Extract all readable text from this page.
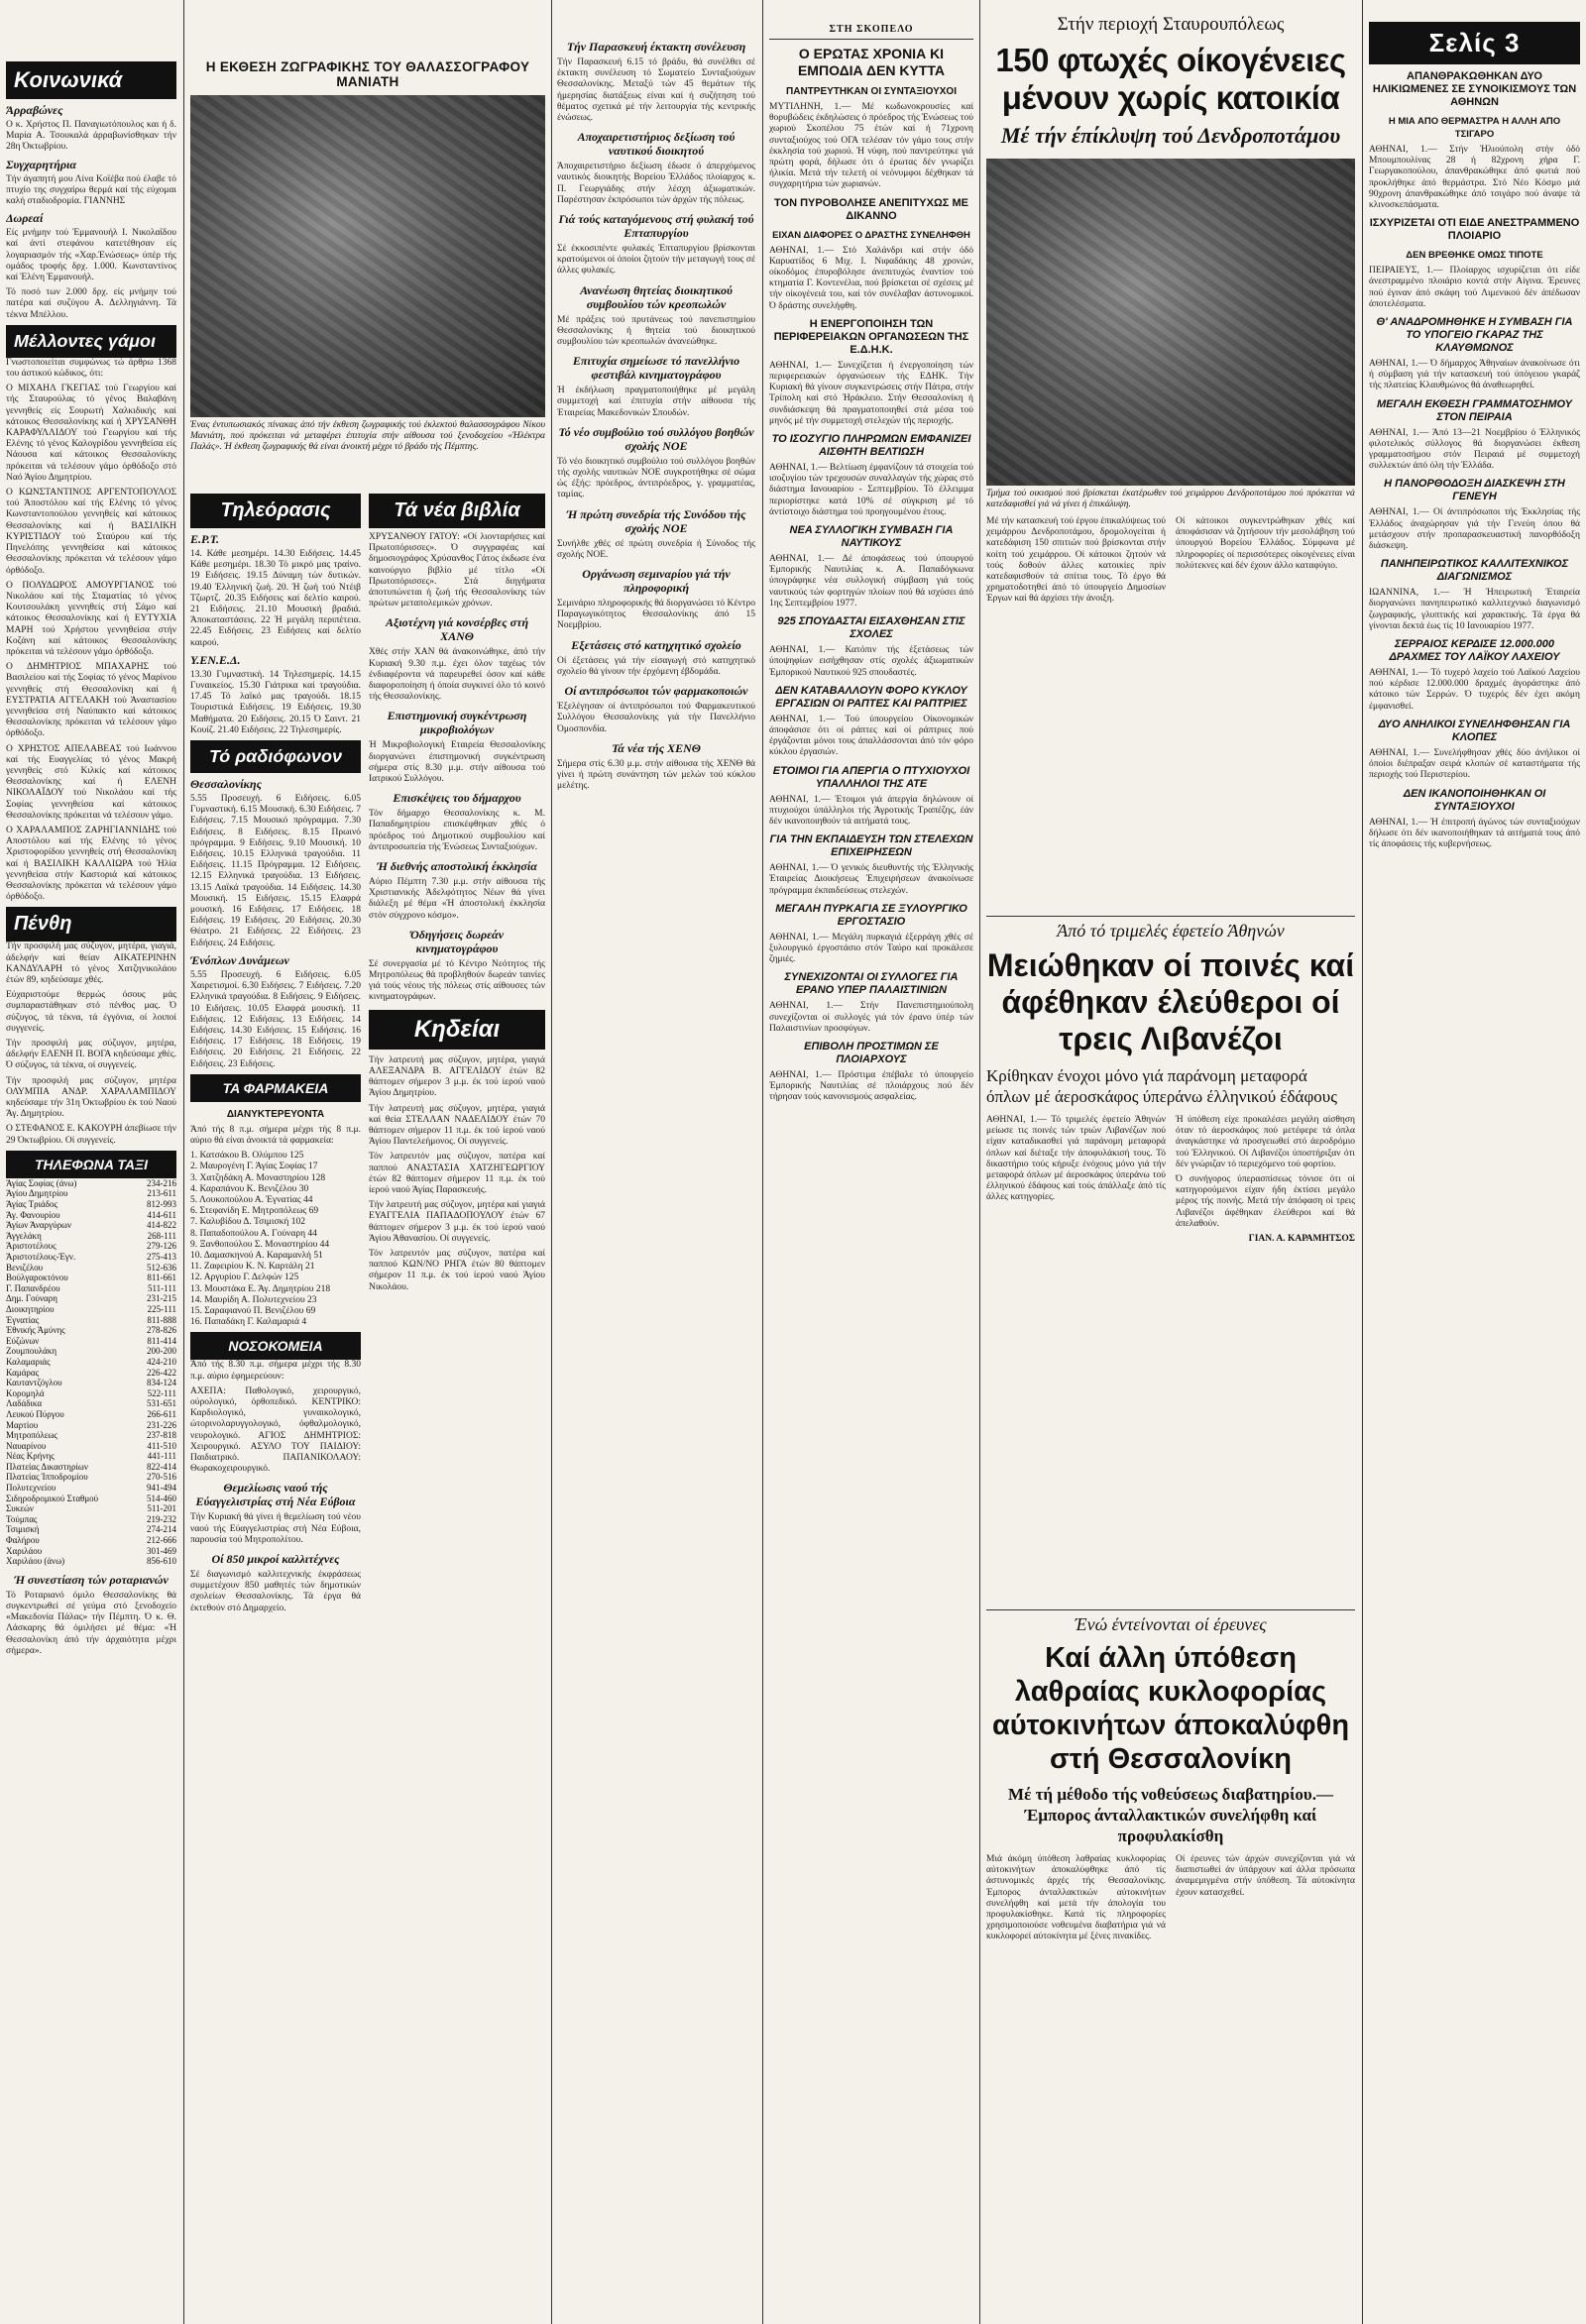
Κοινωνικά
Άρραβώνες

Ο κ. Χρήστος Π. Παναγιωτόπουλος και ή δ. Μαρία Α. Τσουκαλά άρραβωνίσθηκαν τήν 28η Όκτωβρίου.

Συγχαρητήρια

Τήν άγαπητή μου Λίνα Κοϊέβα πού έλαβε τό πτυχίο της συγχαίρω θερμά καί τής εύχομαι καλή σταδιοδρομία. ΓΙΑΝΝΗΣ

Δωρεαί

Είς μνήμην τού Έμμανουήλ Ι. Νικολαΐδου καί άντί στεφάνου κατετέθησαν είς λογαριασμόν τής «Χαρ.Ένώσεως» ύπέρ τής ομάδος τροφής δρχ. 1.000. Κωνσταντίνος καί Έλένη Έμμανουήλ.

Τό ποσό των 2.000 δρχ. είς μνήμην τού πατέρα καί συζύγου Α. Δελληγιάννη. Τά τέκνα Μπέλλου.

Μέλλοντες γάμοι

Γνωστοποιείται συμφώνως τώ άρθρω 1368 του άστικού κώδικος, ότι:

Ο ΜΙΧΑΗΛ ΓΚΕΓΙΑΣ τού Γεωργίου καί τής Σταυρούλας τό γένος Βαλαβάνη γεννηθείς είς Σουρωτή Χαλκιδικής καί κάτοικος Θεσσαλονίκης καί ή ΧΡΥΣΑΝΘΗ ΚΑΡΑΦΥΛΛΙΔΟΥ τού Γεωργίου καί τής Ελένης τό γένος Καλογρίδου γεννηθείσα είς Νάουσα καί κάτοικος Θεσσαλονίκης πρόκειται νά τελέσουν γάμο όρθόδοξο στό Ναό Άγίου Δημητρίου.

Ο ΚΩΝΣΤΑΝΤΙΝΟΣ ΑΡΓΕΝΤΟΠΟΥΛΟΣ τού Άποστόλου καί τής Ελένης τό γένος Κωνσταντοπούλου γεννηθείς καί κάτοικος Θεσσαλονίκης καί ή ΒΑΣΙΛΙΚΗ ΚΥΡΙΣΤΙΔΟΥ τού Σταύρου καί τής Πηνελόπης γεννηθείσα καί κάτοικος Θεσσαλονίκης πρόκειται νά τελέσουν γάμο όρθόδοξο.

Ο ΠΟΛΥΔΩΡΟΣ ΑΜΟΥΡΓΙΑΝΟΣ τού Νικολάου καί τής Σταματίας τό γένος Κουτσουλάκη γεννηθείς στή Σάμο καί κάτοικος Θεσσαλονίκης καί ή ΕΥΤΥΧΙΑ ΜΑΡΗ τού Χρήστου γεννηθείσα στήν Κοζάνη καί κάτοικος Θεσσαλονίκης πρόκειται νά τελέσουν γάμο όρθόδοξο.

Ο ΔΗΜΗΤΡΙΟΣ ΜΠΑΧΑΡΗΣ τού Βασιλείου καί τής Σοφίας τό γένος Μαρίνου γεννηθείς στή Θεσσαλονίκη καί ή ΕΥΣΤΡΑΤΙΑ ΑΓΓΕΛΑΚΗ τού Άναστασίου γεννηθείσα στή Ναύπακτο καί κάτοικος Θεσσαλονίκης πρόκειται νά τελέσουν γάμο όρθόδοξο.

Ο ΧΡΗΣΤΟΣ ΑΠΕΛΑΒΕΑΣ τού Ιωάννου καί τής Ευαγγελίας τό γένος Μακρή γεννηθείς στό Κιλκίς καί κάτοικος Θεσσαλονίκης καί ή ΕΛΕΝΗ ΝΙΚΟΛΑΪΔΟΥ τού Νικολάου καί τής Σοφίας γεννηθείσα καί κάτοικος Θεσσαλονίκης πρόκειται νά τελέσουν γάμο.

Ο ΧΑΡΑΛΑΜΠΟΣ ΖΑΡΗΓΙΑΝΝΙΔΗΣ τού Αποστόλου καί τής Ελένης τό γένος Χριστοφορίδου γεννηθείς στή Θεσσαλονίκη καί ή ΒΑΣΙΛΙΚΗ ΚΑΛΛΙΩΡΑ τού Ήλία γεννηθείσα στήν Καστοριά καί κάτοικος Θεσσαλονίκης πρόκειται νά τελέσουν γάμο όρθόδοξο.

Πένθη

Τήν προσφιλή μας σύζυγον, μητέρα, γιαγιά, άδελφήν καί θείαν ΑΙΚΑΤΕΡΙΝΗΝ ΚΑΝΔΥΛΑΡΗ τό γένος Χατζηνικολάου έτών 89, κηδεύσαμε χθές.

Εύχαριστούμε θερμώς όσους μάς συμπαραστάθηκαν στό πένθος μας. Ό σύζυγος, τά τέκνα, τά έγγόνια, οί λοιποί συγγενείς.

Τήν προσφιλή μας σύζυγον, μητέρα, άδελφήν ΕΛΕΝΗ Π. ΒΟΓΑ κηδεύσαμε χθές. Ό σύζυγος, τά τέκνα, οί συγγενείς.

Τήν προσφιλή μας σύζυγον, μητέρα ΟΛΥΜΠΙΑ ΑΝΔΡ. ΧΑΡΑΛΑΜΠΙΔΟΥ κηδεύσαμε τήν 31η Όκτωβρίου έκ τού Ναού Άγ. Δημητρίου.

Ο ΣΤΕΦΑΝΟΣ Ε. ΚΑΚΟΥΡΗ άπεβίωσε τήν 29 Όκτωβρίου. Οί συγγενείς.

ΤΗΛΕΦΩΝΑ ΤΑΞΙ
Άγίας Σοφίας (άνω)	234-216
Άγίου Δημητρίου	213-611
Άγίας Τριάδος	812-993
Άγ. Φανουρίου	414-611
Άγίων Άναργύρων	414-822
Άγγελάκη	268-111
Άριστοτέλους	279-126
Άριστοτέλους-Έγν.	275-413
Βενιζέλου	512-636
Βούλγαροκτόνου	811-661
Γ. Παπανδρέου	511-111
Δημ. Γούναρη	231-215
Διοικητηρίου	225-111
Έγνατίας	811-888
Έθνικής Άμύνης	278-826
Εύζώνων	811-414
Ζουμπουλάκη	200-200
Καλαμαριάς	424-210
Καμάρας	226-422
Καυταντζόγλου	834-124
Κορομηλά	522-111
Λαδάδικα	531-651
Λευκού Πύργου	266-611
Μαρτίου	231-226
Μητροπόλεως	237-818
Ναυαρίνου	411-510
Νέας Κρήνης	441-111
Πλατείας Δικαστηρίων	822-414
Πλατείας Ίπποδρομίου	270-516
Πολυτεχνείου	941-494
Σιδηροδρομικού Σταθμού	514-460
Συκεών	511-201
Τούμπας	219-232
Τσιμισκή	274-214
Φαλήρου	212-666
Χαριλάου	301-469
Χαριλάου (άνω)	856-610
Ή συνεστίαση τών ροταριανών

Τό Ροταριανό όμιλο Θεσσαλονίκης θά συγκεντρωθεί σέ γεύμα στό ξενοδοχείο «Μακεδονία Πάλας» τήν Πέμπτη. Ό κ. Θ. Λάσκαρης θά όμιλήσει μέ θέμα: «Ή Θεσσαλονίκη άπό τήν άρχαιότητα μέχρι σήμερα».

Η ΕΚΘΕΣΗ ΖΩΓΡΑΦΙΚΗΣ ΤΟΥ ΘΑΛΑΣΣΟΓΡΑΦΟΥ ΜΑΝΙΑΤΗ
Ένας έντυπωσιακός πίνακας άπό τήν έκθεση ζωγραφικής τού έκλεκτού θαλασσογράφου Νίκου Μανιάτη, πού πρόκειται νά μεταφέρει έπιτυχία στήν αίθουσα τού ξενοδοχείου «Ήλέκτρα Παλάς». Ή έκθεση ζωγραφικής θά είναι άνοικτή μέχρι τό βράδυ τής Πέμπτης.
Τηλεόρασις
Ε.Ρ.Τ.

14. Κάθε μεσημέρι. 14.30 Ειδήσεις. 14.45 Κάθε μεσημέρι. 18.30 Τό μικρό μας τραίνο. 19 Ειδήσεις. 19.15 Δύναμη τών δυτικών. 19.40 Έλληνική ζωή. 20. Ή ζωή τού Ντέιβ Τζωρτζ. 20.35 Ειδήσεις καί δελτίο καιρού. 21 Ειδήσεις. 21.10 Μουσική βραδιά. Άποκαταστάσεις. 22 Ή μεγάλη περιπέτεια. 22.45 Ειδήσεις. 23 Ειδήσεις καί δελτίο καιρού.

Υ.ΕΝ.Ε.Δ.

13.30 Γυμναστική. 14 Τηλεσημερίς. 14.15 Γυναικείος. 15.30 Γιάτρικα καί τραγούδια. 17.45 Τό λαϊκό μας τραγούδι. 18.15 Τουριστικά Ειδήσεις. 19 Ειδήσεις. 19.30 Μαθήματα. 20 Ειδήσεις. 20.15 Ό Σαιντ. 21 Κουίζ. 21.40 Ειδήσεις. 22 Τηλεσημερίς.

Τό ραδιόφωνον
Θεσσαλονίκης

5.55 Προσευχή. 6 Ειδήσεις. 6.05 Γυμναστική. 6.15 Μουσική. 6.30 Ειδήσεις. 7 Ειδήσεις. 7.15 Μουσικό πρόγραμμα. 7.30 Ειδήσεις. 8 Ειδήσεις. 8.15 Πρωινό πρόγραμμα. 9 Ειδήσεις. 9.10 Μουσική. 10 Ειδήσεις. 10.15 Ελληνικά τραγούδια. 11 Ειδήσεις. 11.15 Πρόγραμμα. 12 Ειδήσεις. 12.15 Ελληνικά τραγούδια. 13 Ειδήσεις. 13.15 Λαϊκά τραγούδια. 14 Ειδήσεις. 14.30 Μουσική. 15 Ειδήσεις. 15.15 Ελαφρά μουσική. 16 Ειδήσεις. 17 Ειδήσεις. 18 Ειδήσεις. 19 Ειδήσεις. 20 Ειδήσεις. 20.30 Θέατρο. 21 Ειδήσεις. 22 Ειδήσεις. 23 Ειδήσεις. 24 Ειδήσεις.

Ένόπλων Δυνάμεων

5.55 Προσευχή. 6 Ειδήσεις. 6.05 Χαιρετισμοί. 6.30 Ειδήσεις. 7 Ειδήσεις. 7.20 Ελληνικά τραγούδια. 8 Ειδήσεις. 9 Ειδήσεις. 10 Ειδήσεις. 10.05 Ελαφρά μουσική. 11 Ειδήσεις. 12 Ειδήσεις. 13 Ειδήσεις. 14 Ειδήσεις. 14.30 Ειδήσεις. 15 Ειδήσεις. 16 Ειδήσεις. 17 Ειδήσεις. 18 Ειδήσεις. 19 Ειδήσεις. 20 Ειδήσεις. 21 Ειδήσεις. 22 Ειδήσεις. 23 Ειδήσεις.

ΤΑ ΦΑΡΜΑΚΕΙΑ
ΔΙΑΝΥΚΤΕΡΕΥΟΝΤΑ

Άπό τής 8 π.μ. σήμερα μέχρι τής 8 π.μ. αύριο θά είναι άνοικτά τά φαρμακεία:

1. Κατσάκου Β. Ολύμπου 125
2. Μαυρογένη Γ. Άγίας Σοφίας 17
3. Χατζηδάκη Α. Μοναστηρίου 128
4. Καραπάνου Κ. Βενιζέλου 30
5. Λουκοπούλου Α. Έγνατίας 44
6. Στεφανίδη Ε. Μητροπόλεως 69
7. Καλυβίδου Δ. Τσιμισκή 102
8. Παπαδοπούλου Α. Γούναρη 44
9. Ξανθοπούλου Σ. Μοναστηρίου 44
10. Δαμασκηνού Α. Καραμανλή 51
11. Ζαφειρίου Κ. Ν. Καρτάλη 21
12. Αργυρίου Γ. Δελφών 125
13. Μουστάκα Ε. Άγ. Δημητρίου 218
14. Μαυρίδη Α. Πολυτεχνείου 23
15. Σαραφιανού Π. Βενιζέλου 69
16. Παπαδάκη Γ. Καλαμαριά 4
ΝΟΣΟΚΟΜΕΙΑ

Άπό τής 8.30 π.μ. σήμερα μέχρι τής 8.30 π.μ. αύριο έφημερεύουν:

ΑΧΕΠΑ: Παθολογικό, χειρουργικό, ούρολογικό, όρθοπεδικό. ΚΕΝΤΡΙΚΟ: Καρδιολογικό, γυναικολογικό, ώτορινολαρυγγολογικό, όφθαλμολογικό, νευρολογικό. ΑΓΙΟΣ ΔΗΜΗΤΡΙΟΣ: Χειρουργικό. ΑΣΥΛΟ ΤΟΥ ΠΑΙΔΙΟΥ: Παιδιατρικό. ΠΑΠΑΝΙΚΟΛΑΟΥ: Θωρακοχειρουργικό.

Θεμελίωσις ναού τής Εύαγγελιστρίας στή Νέα Εύβοια

Τήν Κυριακή θά γίνει ή θεμελίωση τού νέου ναού τής Εύαγγελιστρίας στή Νέα Εύβοια, παρουσία τού Μητροπολίτου.

Οί 850 μικροί καλλιτέχνες

Σέ διαγωνισμό καλλιτεχνικής έκφράσεως συμμετέχουν 850 μαθητές τών δημοτικών σχολείων Θεσσαλονίκης. Τά έργα θά έκτεθούν στό Δημαρχείο.

Τά νέα βιβλία

ΧΡΥΣΑΝΘΟΥ ΓΑΤΟΥ: «Οί λιονταρήσιες καί Πρωτοπόρισσες». Ό συγγραφέας καί δημοσιογράφος Χρύσανθος Γάτος έκδωσε ένα καινούργιο βιβλίο μέ τίτλο «Οί Πρωτοπόρισσες». Στά διηγήματα άποτυπώνεται ή ζωή τής Θεσσαλονίκης τών πρώτων μεταπολεμικών χρόνων.

Αξιοτέχνη γιά κονσέρβες στή ΧΑΝΘ

Χθές στήν XAN θά άνακοινώθηκε, άπό τήν Κυριακή 9.30 π.μ. έχει όλον ταχέως τόν ένδιαφέροντα νά παρευρεθεί όσον καί κάθε διαφοροποίηση ή όποία συγκινεί όλο τό κοινό τής Θεσσαλονίκης.

Επιστημονική συγκέντρωση μικροβιολόγων

Ή Μικροβιολογική Εταιρεία Θεσσαλονίκης διοργανώνει έπιστημονική συγκέντρωση σήμερα στίς 8.30 μ.μ. στήν αίθουσα τού Ιατρικού Συλλόγου.

Επισκέψεις του δήμαρχου

Τόν δήμαρχο Θεσσαλονίκης κ. Μ. Παπαδημητρίου επισκέφθηκαν χθές ό πρόεδρος τού Δημοτικού συμβουλίου καί άντιπροσωπεία τής Ένώσεως Συνταξιούχων.

Ή διεθνής αποστολική έκκλησία

Αύριο Πέμπτη 7.30 μ.μ. στήν αίθουσα τής Χριστιανικής Άδελφότητος Νέων θά γίνει διάλεξη μέ θέμα «Ή άποστολική έκκλησία στόν σύγχρονο κόσμο».

Όδηγήσεις δωρεάν κινηματογράφου

Σέ συνεργασία μέ τό Κέντρο Νεότητος τής Μητροπόλεως θά προβληθούν δωρεάν ταινίες γιά τούς νέους τής πόλεως στίς αίθουσες τών κινηματογράφων.

Κηδείαι

Τήν λατρευτή μας σύζυγον, μητέρα, γιαγιά ΑΛΕΞΑΝΔΡΑ Β. ΑΓΓΕΛΙΔΟΥ έτών 82 θάπτομεν σήμερον 3 μ.μ. έκ τού ίερού ναού Άγίου Δημητρίου.

Τήν λατρευτή μας σύζυγον, μητέρα, γιαγιά καί θεία ΣΤΕΛΛΑΝ ΝΑΔΕΛΙΔΟΥ έτών 70 θάπτομεν σήμερον 11 π.μ. έκ τού ίερού ναού Άγίου Παντελεήμονος. Οί συγγενείς.

Τόν λατρευτόν μας σύζυγον, πατέρα καί παππού ΑΝΑΣΤΑΣΙΑ ΧΑΤΖΗΓΕΩΡΓΙΟΥ έτών 82 θάπτομεν σήμερον 11 π.μ. έκ τού ίερού ναού Άγίας Παρασκευής.

Τήν λατρευτή μας σύζυγον, μητέρα καί γιαγιά ΕΥΑΓΓΕΛΙΑ ΠΑΠΑΔΟΠΟΥΛΟΥ έτών 67 θάπτομεν σήμερον 3 μ.μ. έκ τού ίερού ναού Άγίου Άθανασίου. Οί συγγενείς.

Τόν λατρευτόν μας σύζυγον, πατέρα καί παππού ΚΩΝ/ΝΟ ΡΗΓΑ έτών 80 θάπτομεν σήμερον 11 π.μ. έκ τού ίερού ναού Άγίου Νικολάου.

Τήν Παρασκευή έκτακτη συνέλευση

Τήν Παρασκευή 6.15 τό βράδυ, θά συνέλθει σέ έκτακτη συνέλευση τό Σωματείο Συνταξιούχων Θεσσαλονίκης. Μεταξύ τών 45 θεμάτων τής ήμερησίας διατάξεως είναι καί ή συζήτηση τού θέματος σχετικά μέ τήν λειτουργία τής κεντρικής ένώσεως.

Αποχαιρετιστήριος δεξίωση τού ναυτικού διοικητού

Άποχαιρετιστήριο δεξίωση έδωσε ό άπερχόμενος ναυτικός διοικητής Βορείου Έλλάδος πλοίαρχος κ. Π. Γεωργιάδης στήν λέσχη άξιωματικών. Παρέστησαν έκπρόσωποι τών άρχών τής πόλεως.

Γιά τούς καταγόμενους στή φυλακή τού Επταπυργίου

Σέ έκκοσιπέντε φυλακές Έπταπυργίου βρίσκονται κρατούμενοι οί όποίοι ζητούν τήν μεταγωγή τους σέ άλλες φυλακές.

Ανανέωση θητείας διοικητικού συμβουλίου τών κρεοπωλών

Μέ πράξεις τού πρυτάνεως τού πανεπιστημίου Θεσσαλονίκης ή θητεία τού διοικητικού συμβουλίου τών κρεοπωλών άνανεώθηκε.

Επιτυχία σημείωσε τό πανελλήνιο φεστιβάλ κινηματογράφου

Ή έκδήλωση πραγματοποιήθηκε μέ μεγάλη συμμετοχή καί έπιτυχία στήν αίθουσα τής Έταιρείας Μακεδονικών Σπουδών.

Τό νέο συμβούλιο τού συλλόγου βοηθών σχολής ΝΟΕ

Τό νέο διοικητικό συμβούλιο τού συλλόγου βοηθών τής σχολής ναυτικών ΝΟΕ συγκροτήθηκε σέ σώμα ώς έξής: πρόεδρος, άντιπρόεδρος, γ. γραμματέας, ταμίας.

Ή πρώτη συνεδρία τής Συνόδου τής σχολής ΝΟΕ

Συνήλθε χθές σέ πρώτη συνεδρία ή Σύνοδος τής σχολής ΝΟΕ.

Οργάνωση σεμιναρίου γιά τήν πληροφορική

Σεμινάριο πληροφορικής θά διοργανώσει τό Κέντρο Παραγωγικότητος Θεσσαλονίκης άπό 15 Νοεμβρίου.

Εξετάσεις στό κατηχητικό σχολείο

Οί έξετάσεις γιά τήν είσαγωγή στό κατηχητικό σχολείο θά γίνουν τήν έρχόμενη έβδομάδα.

Οί αντιπρόσωποι τών φαρμακοποιών

Έξελέγησαν οί άντιπρόσωποι τού Φαρμακευτικού Συλλόγου Θεσσαλονίκης γιά τήν Πανελλήνιο Όμοσπονδία.

Τά νέα τής ΧΕΝΘ

Σήμερα στίς 6.30 μ.μ. στήν αίθουσα τής ΧΕΝΘ θά γίνει ή πρώτη συνάντηση τών μελών τού κύκλου μελέτης.

ΣΤΗ ΣΚΟΠΕΛΟ
Ο ΕΡΩΤΑΣ ΧΡΟΝΙΑ ΚΙ ΕΜΠΟΔΙΑ ΔΕΝ ΚΥΤΤΑ
ΠΑΝΤΡΕΥΤΗΚΑΝ ΟΙ ΣΥΝΤΑΞΙΟΥΧΟΙ

ΜΥΤΙΛΗΝΗ, 1.— Μέ κωδωνοκρουσίες καί θορυβώδεις έκδηλώσεις ό πρόεδρος τής Ένώσεως τού χωριού Σκοπέλου 75 έτών καί ή 71χρονη συνταξιούχος τού ΟΓΑ τελέσαν τόν γάμο τους στήν έκκλησία τού χωριού. Ή νύφη, πού παντρεύτηκε γιά πρώτη φορά, δήλωσε ότι ό έρωτας δέν γνωρίζει ήλικία. Μετά τήν τελετή οί νεόνυμφοι δέχθηκαν τά συγχαρητήρια τών χωριανών.

ΤΟΝ ΠΥΡΟΒΟΛΗΣΕ ΑΝΕΠΙΤΥΧΩΣ ΜΕ ΔΙΚΑΝΝΟ
ΕΙΧΑΝ ΔΙΑΦΟΡΕΣ Ο ΔΡΑΣΤΗΣ ΣΥΝΕΛΗΦΘΗ

ΑΘΗΝΑΙ, 1.— Στό Χαλάνδρι καί στήν όδό Καρυατίδος 6 Μιχ. Ι. Νιφαδάκης 48 χρονών, οίκοδόμος έπυροβόλησε άνεπιτυχώς έναντίον τού κτηματία Γ. Κοντενέλια, πού βρίσκεται σέ σχέσεις μέ τήν οίκογένειά του, καί τόν συνέλαβαν άστυνομικοί. Ό δράστης συνελήφθη.

Η ΕΝΕΡΓΟΠΟΙΗΣΗ ΤΩΝ ΠΕΡΙΦΕΡΕΙΑΚΩΝ ΟΡΓΑΝΩΣΕΩΝ ΤΗΣ Ε.Δ.Η.Κ.

ΑΘΗΝΑΙ, 1.— Συνεχίζεται ή ένεργοποίηση τών περιφερειακών όργανώσεων τής ΕΔΗΚ. Τήν Κυριακή θά γίνουν συγκεντρώσεις στήν Πάτρα, στήν Τρίπολη καί στό Ήράκλειο. Στήν Θεσσαλονίκη ή συνδιάσκεψη θά πραγματοποιηθεί στά μέσα τού μηνός μέ τήν συμμετοχή στελεχών τής περιοχής.

ΤΟ ΙΣΟΖΥΓΙΟ ΠΛΗΡΩΜΩΝ ΕΜΦΑΝΙΖΕΙ ΑΙΣΘΗΤΗ ΒΕΛΤΙΩΣΗ

ΑΘΗΝΑΙ, 1.— Βελτίωση έμφανίζουν τά στοιχεία τού ισοζυγίου τών τρεχουσών συναλλαγών τής χώρας στό διάστημα Ιανουαρίου - Σεπτεμβρίου. Τό έλλειμμα περιορίστηκε κατά 10% σέ σύγκριση μέ τό άντίστοιχο διάστημα τού προηγουμένου έτους.

ΝΕΑ ΣΥΛΛΟΓΙΚΗ ΣΥΜΒΑΣΗ ΓΙΑ ΝΑΥΤΙΚΟΥΣ

ΑΘΗΝΑΙ, 1.— Δέ άποφάσεως τού ύπουργού Έμπορικής Ναυτιλίας κ. Α. Παπαδόγκωνα ύπογράφηκε νέα συλλογική σύμβαση γιά τούς ναυτικούς τών φορτηγών πλοίων πού θά ισχύσει άπό 1ης Σεπτεμβρίου 1977.

925 ΣΠΟΥΔΑΣΤΑΙ ΕΙΣΑΧΘΗΣΑΝ ΣΤΙΣ ΣΧΟΛΕΣ

ΑΘΗΝΑΙ, 1.— Κατόπιν τής έξετάσεως τών ύποψηφίων εισήχθησαν στίς σχολές άξιωματικών Έμπορικού Ναυτικού 925 σπουδαστές.

ΔΕΝ ΚΑΤΑΒΑΛΛΟΥΝ ΦΟΡΟ ΚΥΚΛΟΥ ΕΡΓΑΣΙΩΝ ΟΙ ΡΑΠΤΕΣ ΚΑΙ ΡΑΠΤΡΙΕΣ

ΑΘΗΝΑΙ, 1.— Τού ύπουργείου Οίκονομικών άποφάσισε ότι οί ράπτες καί οί ράπτριες πού έργάζονται μόνοι τους άπαλλάσσονται άπό τόν φόρο κύκλου έργασιών.

ΕΤΟΙΜΟΙ ΓΙΑ ΑΠΕΡΓΙΑ Ο ΠΤΥΧΙΟΥΧΟΙ ΥΠΑΛΛΗΛΟΙ ΤΗΣ ΑΤΕ

ΑΘΗΝΑΙ, 1.— Έτοιμοι γιά άπεργία δηλώνουν οί πτυχιούχοι ύπάλληλοι τής Άγροτικής Τραπέζης, έάν δέν ικανοποιηθούν τά αιτήματά τους.

ΓΙΑ ΤΗΝ ΕΚΠΑΙΔΕΥΣΗ ΤΩΝ ΣΤΕΛΕΧΩΝ ΕΠΙΧΕΙΡΗΣΕΩΝ

ΑΘΗΝΑΙ, 1.— Ό γενικός διευθυντής τής Έλληνικής Έταιρείας Διοικήσεως Έπιχειρήσεων άνακοίνωσε πρόγραμμα έκπαιδεύσεως στελεχών.

ΜΕΓΑΛΗ ΠΥΡΚΑΓΙΑ ΣΕ ΞΥΛΟΥΡΓΙΚΟ ΕΡΓΟΣΤΑΣΙΟ

ΑΘΗΝΑΙ, 1.— Μεγάλη πυρκαγιά έξερράγη χθές σέ ξυλουργικό έργοστάσιο στόν Ταύρο καί προκάλεσε ζημιές.

ΣΥΝΕΧΙΖΟΝΤΑΙ ΟΙ ΣΥΛΛΟΓΕΣ ΓΙΑ ΕΡΑΝΟ ΥΠΕΡ ΠΑΛΑΙΣΤΙΝΙΩΝ

ΑΘΗΝΑΙ, 1.— Στήν Πανεπιστημιούπολη συνεχίζονται οί συλλογές γιά τόν έρανο ύπέρ τών Παλαιστινίων προσφύγων.

ΕΠΙΒΟΛΗ ΠΡΟΣΤΙΜΩΝ ΣΕ ΠΛΟΙΑΡΧΟΥΣ

ΑΘΗΝΑΙ, 1.— Πρόστιμα έπέβαλε τό ύπουργείο Έμπορικής Ναυτιλίας σέ πλοιάρχους πού δέν τήρησαν τούς κανονισμούς ασφαλείας.

Στήν περιοχή Σταυρουπόλεως
150 φτωχές οίκογένειες μένουν χωρίς κατοικία
Μέ τήν έπίκλυψη τού Δενδροποτάμου
Τμήμα τού οικισμού πού βρίσκεται έκατέρωθεν τού χειμάρρου Δενδροποτάμου πού πρόκειται νά κατεδαφισθεί γιά νά γίνει ή έπικάλυψη.

Μέ τήν κατασκευή τού έργου έπικαλύψεως τού χειμάρρου Δενδροποτάμου, δρομολογείται ή κατεδάφιση 150 σπιτιών πού βρίσκονται στήν κοίτη τού χειμάρρου. Οί κάτοικοι ζητούν νά τούς δοθούν άλλες κατοικίες πρίν κατεδαφισθούν τά σπίτια τους. Τό έργο θά χρηματοδοτηθεί άπό τό ύπουργείο Δημοσίων Έργων καί θά άρχίσει τήν άνοιξη.

Οί κάτοικοι συγκεντρώθηκαν χθές καί άποφάσισαν νά ζητήσουν τήν μεσολάβηση τού ύπουργού Βορείου Έλλάδος. Σύμφωνα μέ πληροφορίες οί περισσότερες οίκογένειες είναι πολύτεκνες καί δέν έχουν άλλο καταφύγιο.

Άπό τό τριμελές έφετείο Άθηνών
Μειώθηκαν οί ποινές καί άφέθηκαν έλεύθεροι οί τρεις Λιβανέζοι
Κρίθηκαν ένοχοι μόνο γιά παράνομη μεταφορά όπλων μέ άεροσκάφος ύπεράνω έλληνικού έδάφους

ΑΘΗΝΑΙ, 1.— Τό τριμελές έφετείο Άθηνών μείωσε τις ποινές τών τριών Λιβανέζων πού είχαν καταδικασθεί γιά παράνομη μεταφορά όπλων καί διέταξε τήν άποφυλάκισή τους. Τό δικαστήριο τούς κήρυξε ένόχους μόνο γιά τήν μεταφορά όπλων μέ άεροσκάφος ύπεράνω τού έλληνικού έδάφους καί τούς άπάλλαξε άπό τίς άλλες κατηγορίες.

Ή ύπόθεση είχε προκαλέσει μεγάλη αίσθηση όταν τό άεροσκάφος πού μετέφερε τά όπλα άναγκάστηκε νά προσγειωθεί στό άεροδρόμιο τού Έλληνικού. Οί Λιβανέζοι ύποστήριξαν ότι δέν γνώριζαν τό περιεχόμενο τού φορτίου.

Ό συνήγορος ύπερασπίσεως τόνισε ότι οί κατηγορούμενοι είχαν ήδη έκτίσει μεγάλο μέρος τής ποινής. Μετά τήν άπόφαση οί τρεις Λιβανέζοι άφέθηκαν έλεύθεροι καί θά άπελαθούν.

ΓΙΑΝ. Α. ΚΑΡΑΜΗΤΣΟΣ
Ένώ έντείνονται οί έρευνες
Καί άλλη ύπόθεση λαθραίας κυκλοφορίας αύτοκινήτων άποκαλύφθη στή Θεσσαλονίκη
Μέ τή μέθοδο τής νοθεύσεως διαβατηρίου.— Έμπορος άνταλλακτικών συνελήφθη καί προφυλακίσθη

Μιά άκόμη ύπόθεση λαθραίας κυκλοφορίας αύτοκινήτων άποκαλύφθηκε άπό τίς άστυνομικές άρχές τής Θεσσαλονίκης. Έμπορος άνταλλακτικών αύτοκινήτων συνελήφθη καί μετά τήν άπολογία του προφυλακίσθηκε. Κατά τίς πληροφορίες χρησιμοποιούσε νοθευμένα διαβατήρια γιά νά κυκλοφορεί αύτοκίνητα μέ ξένες πινακίδες.

Οί έρευνες τών άρχών συνεχίζονται γιά νά διαπιστωθεί άν ύπάρχουν καί άλλα πρόσωπα άναμεμιγμένα στήν ύπόθεση. Τά αύτοκίνητα έχουν κατασχεθεί.

Σελίς 3
ΑΠΑΝΘΡΑΚΩΘΗΚΑΝ ΔΥΟ ΗΛΙΚΙΩΜΕΝΕΣ ΣΕ ΣΥΝΟΙΚΙΣΜΟΥΣ ΤΩΝ ΑΘΗΝΩΝ
Η ΜΙΑ ΑΠΟ ΘΕΡΜΑΣΤΡΑ Η ΑΛΛΗ ΑΠΟ ΤΣΙΓΑΡΟ

ΑΘΗΝΑΙ, 1.— Στήν Ήλιούπολη στήν όδό Μπουμπουλίνας 28 ή 82χρονη χήρα Γ. Γεωργακοπούλου, άπανθρακώθηκε άπό φωτιά πού προκλήθηκε άπό θερμάστρα. Στό Νέο Κόσμο μιά 90χρονη άπανθρακώθηκε άπό τσιγάρο πού άναψε τά κλινοσκεπάσματα.

ΙΣΧΥΡΙΖΕΤΑΙ ΟΤΙ ΕΙΔΕ ΑΝΕΣΤΡΑΜΜΕΝΟ ΠΛΟΙΑΡΙΟ
ΔΕΝ ΒΡΕΘΗΚΕ ΟΜΩΣ ΤΙΠΟΤΕ

ΠΕΙΡΑΙΕΥΣ, 1.— Πλοίαρχος ισχυρίζεται ότι είδε άνεστραμμένο πλοιάριο κοντά στήν Αίγινα. Έρευνες πού έγιναν άπό σκάφη τού Λιμενικού δέν άπέδωσαν άποτελέσματα.

Θ' ΑΝΑΔΡΟΜΗΘΗΚΕ Η ΣΥΜΒΑΣΗ ΓΙΑ ΤΟ ΥΠΟΓΕΙΟ ΓΚΑΡΑΖ ΤΗΣ ΚΛΑΥΘΜΩΝΟΣ

ΑΘΗΝΑΙ, 1.— Ό δήμαρχος Άθηναίων άνακοίνωσε ότι ή σύμβαση γιά τήν κατασκευή τού ύπόγειου γκαράζ τής πλατείας Κλαυθμώνος θά άναθεωρηθεί.

ΜΕΓΑΛΗ ΕΚΘΕΣΗ ΓΡΑΜΜΑΤΟΣΗΜΟΥ ΣΤΟΝ ΠΕΙΡΑΙΑ

ΑΘΗΝΑΙ, 1.— Άπό 13—21 Νοεμβρίου ό Έλληνικός φιλοτελικός σύλλογος θά διοργανώσει έκθεση γραμματοσήμου στόν Πειραιά μέ συμμετοχή συλλεκτών άπό όλη τήν Έλλάδα.

Η ΠΑΝΟΡΘΟΔΟΞΗ ΔΙΑΣΚΕΨΗ ΣΤΗ ΓΕΝΕΥΗ

ΑΘΗΝΑΙ, 1.— Οί άντιπρόσωποι τής Έκκλησίας τής Έλλάδος άναχώρησαν γιά τήν Γενεύη όπου θά μετάσχουν στήν προπαρασκευαστική πανορθόδοξη διάσκεψη.

ΠΑΝΗΠΕΙΡΩΤΙΚΟΣ ΚΑΛΛΙΤΕΧΝΙΚΟΣ ΔΙΑΓΩΝΙΣΜΟΣ

ΙΩΑΝΝΙΝΑ, 1.— Ή Ήπειρωτική Έταιρεία διοργανώνει πανηπειρωτικό καλλιτεχνικό διαγωνισμό ζωγραφικής, γλυπτικής καί χαρακτικής. Τά έργα θά γίνονται δεκτά έως τίς 10 Ιανουαρίου 1977.

ΣΕΡΡΑΙΟΣ ΚΕΡΔΙΣΕ 12.000.000 ΔΡΑΧΜΕΣ ΤΟΥ ΛΑΪΚΟΥ ΛΑΧΕΙΟΥ

ΑΘΗΝΑΙ, 1.— Τό τυχερό λαχείο τού Λαϊκού Λαχείου πού κέρδισε 12.000.000 δραχμές άγοράστηκε άπό κάτοικο τών Σερρών. Ό τυχερός δέν έχει ακόμη έμφανισθεί.

ΔΥΟ ΑΝΗΛΙΚΟΙ ΣΥΝΕΛΗΦΘΗΣΑΝ ΓΙΑ ΚΛΟΠΕΣ

ΑΘΗΝΑΙ, 1.— Συνελήφθησαν χθές δύο άνήλικοι οί όποίοι διέπραξαν σειρά κλοπών σέ καταστήματα τής περιοχής τού Περιστερίου.

ΔΕΝ ΙΚΑΝΟΠΟΙΗΘΗΚΑΝ ΟΙ ΣΥΝΤΑΞΙΟΥΧΟΙ

ΑΘΗΝΑΙ, 1.— Ή έπιτροπή άγώνος τών συνταξιούχων δήλωσε ότι δέν ικανοποιήθηκαν τά αιτήματά τους άπό τίς άποφάσεις τής κυβερνήσεως.
